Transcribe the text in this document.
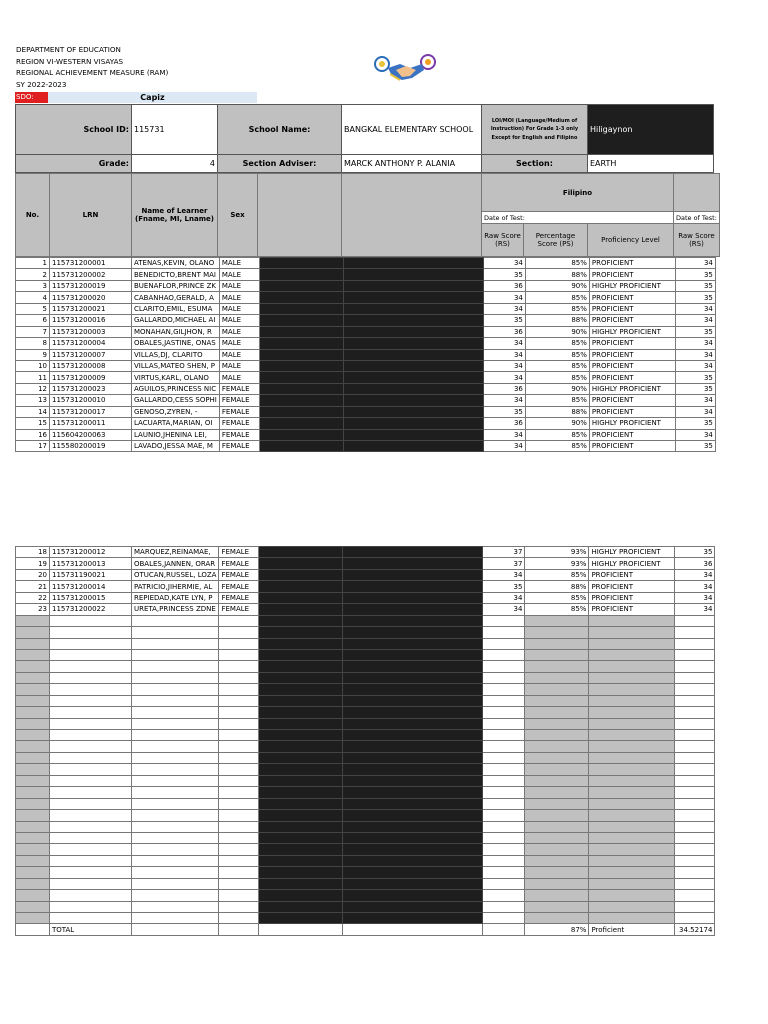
DEPARTMENT OF EDUCATION
REGION VI-WESTERN VISAYAS
REGIONAL ACHIEVEMENT MEASURE (RAM)
SY 2022-2023
SDO:	Capiz
School ID:	115731	School Name:	BANGKAL ELEMENTARY SCHOOL	LOI/MOI (Language/Medium of Instruction) For Grade 1-3 only Except for English and Filipino	Hiligaynon
Grade:	4	Section Adviser:	MARCK ANTHONY P. ALANIA	Section:	EARTH
No.	LRN	Name of Learner (Fname, MI, Lname)	Sex			Filipino			
						Date of Test:			Date of Test:
						Raw Score (RS)	Percentage Score (PS)	Proficiency Level	Raw Score (RS)
1	115731200001	ATENAS,KEVIN, OLANO	MALE			34	85%	PROFICIENT	34
2	115731200002	BENEDICTO,BRENT MAI	MALE			35	88%	PROFICIENT	35
3	115731200019	BUENAFLOR,PRINCE ZK	MALE			36	90%	HIGHLY PROFICIENT	35
4	115731200020	CABANHAO,GERALD, A	MALE			34	85%	PROFICIENT	35
5	115731200021	CLARITO,EMIL, ESUMA	MALE			34	85%	PROFICIENT	34
6	115731200016	GALLARDO,MICHAEL AI	MALE			35	88%	PROFICIENT	34
7	115731200003	MONAHAN,GILJHON, R	MALE			36	90%	HIGHLY PROFICIENT	35
8	115731200004	OBALES,JASTINE, ONAS	MALE			34	85%	PROFICIENT	34
9	115731200007	VILLAS,DJ, CLARITO	MALE			34	85%	PROFICIENT	34
10	115731200008	VILLAS,MATEO SHEN, P	MALE			34	85%	PROFICIENT	34
11	115731200009	VIRTUS,KARL, OLANO	MALE			34	85%	PROFICIENT	35
12	115731200023	AGUILOS,PRINCESS NIC	FEMALE			36	90%	HIGHLY PROFICIENT	35
13	115731200010	GALLARDO,CESS SOPHI	FEMALE			34	85%	PROFICIENT	34
14	115731200017	GENOSO,ZYREN, -	FEMALE			35	88%	PROFICIENT	34
15	115731200011	LACUARTA,MARIAN, OI	FEMALE			36	90%	HIGHLY PROFICIENT	35
16	115604200063	LAUNIO,JHENINA LEI,	FEMALE			34	85%	PROFICIENT	34
17	115580200019	LAVADO,JESSA MAE, M	FEMALE			34	85%	PROFICIENT	35
18	115731200012	MARQUEZ,REINAMAE,	FEMALE			37	93%	HIGHLY PROFICIENT	35
19	115731200013	OBALES,JANNEN, ORAR	FEMALE			37	93%	HIGHLY PROFICIENT	36
20	115731190021	OTUCAN,RUSSEL, LOZA	FEMALE			34	85%	PROFICIENT	34
21	115731200014	PATRICIO,JIHERMIE, AL	FEMALE			35	88%	PROFICIENT	34
22	115731200015	REPIEDAD,KATE LYN, P	FEMALE			34	85%	PROFICIENT	34
23	115731200022	URETA,PRINCESS ZDNE	FEMALE			34	85%	PROFICIENT	34

	TOTAL						87%	Proficient	34.52174
